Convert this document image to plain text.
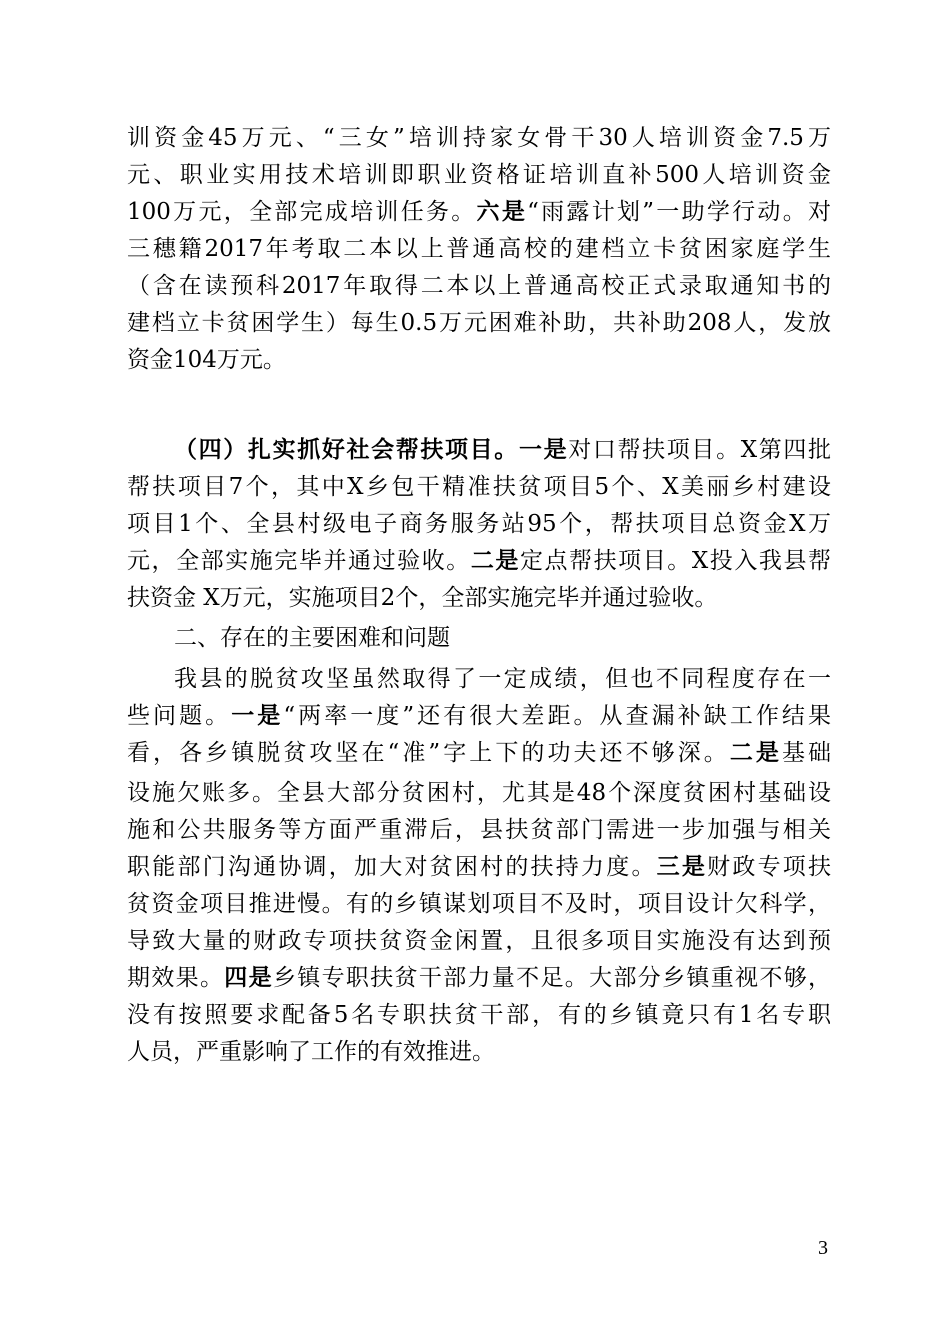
训资金45万元、“三女”培训持家女骨干30人培训资金7.5万
元、职业实用技术培训即职业资格证培训直补500人培训资金
100万元，全部完成培训任务。六是“雨露计划”一助学行动。对
三穗籍2017年考取二本以上普通高校的建档立卡贫困家庭学生
（含在读预科2017年取得二本以上普通高校正式录取通知书的
建档立卡贫困学生）每生0.5万元困难补助，共补助208人，发放
资金104万元。
（四）扎实抓好社会帮扶项目。一是对口帮扶项目。X第四批
帮扶项目7个，其中X乡包干精准扶贫项目5个、X美丽乡村建设
项目1个、全县村级电子商务服务站95个，帮扶项目总资金X万
元，全部实施完毕并通过验收。二是定点帮扶项目。X投入我县帮
扶资金 X万元，实施项目2个，全部实施完毕并通过验收。
二、存在的主要困难和问题
我县的脱贫攻坚虽然取得了一定成绩，但也不同程度存在一
些问题。一是“两率一度”还有很大差距。从查漏补缺工作结果
看，各乡镇脱贫攻坚在“准”字上下的功夫还不够深。二是基础
设施欠账多。全县大部分贫困村，尤其是48个深度贫困村基础设
施和公共服务等方面严重滞后，县扶贫部门需进一步加强与相关
职能部门沟通协调，加大对贫困村的扶持力度。三是财政专项扶
贫资金项目推进慢。有的乡镇谋划项目不及时，项目设计欠科学，
导致大量的财政专项扶贫资金闲置，且很多项目实施没有达到预
期效果。四是乡镇专职扶贫干部力量不足。大部分乡镇重视不够，
没有按照要求配备5名专职扶贫干部，有的乡镇竟只有1名专职
人员，严重影响了工作的有效推进。
3
